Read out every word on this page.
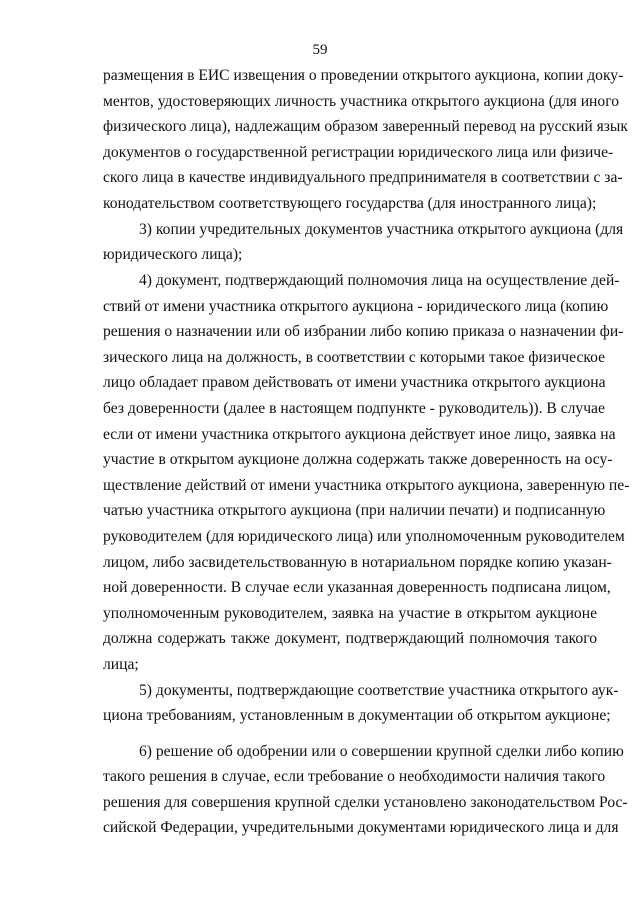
59
размещения в ЕИС извещения о проведении открытого аукциона, копии доку-
ментов, удостоверяющих личность участника открытого аукциона (для иного
физического лица), надлежащим образом заверенный перевод на русский язык
документов о государственной регистрации юридического лица или физиче-
ского лица в качестве индивидуального предпринимателя в соответствии с за-
конодательством соответствующего государства (для иностранного лица);
3) копии учредительных документов участника открытого аукциона (для
юридического лица);
4) документ, подтверждающий полномочия лица на осуществление дей-
ствий от имени участника открытого аукциона - юридического лица (копию
решения о назначении или об избрании либо копию приказа о назначении фи-
зического лица на должность, в соответствии с которыми такое физическое
лицо обладает правом действовать от имени участника открытого аукциона
без доверенности (далее в настоящем подпункте - руководитель)). В случае
если от имени участника открытого аукциона действует иное лицо, заявка на
участие в открытом аукционе должна содержать также доверенность на осу-
ществление действий от имени участника открытого аукциона, заверенную пе-
чатью участника открытого аукциона (при наличии печати) и подписанную
руководителем (для юридического лица) или уполномоченным руководителем
лицом, либо засвидетельствованную в нотариальном порядке копию указан-
ной доверенности. В случае если указанная доверенность подписана лицом,
уполномоченным руководителем, заявка на участие в открытом аукционе
должна содержать также документ, подтверждающий полномочия такого
лица;
5) документы, подтверждающие соответствие участника открытого аук-
циона требованиям, установленным в документации об открытом аукционе;
6) решение об одобрении или о совершении крупной сделки либо копию
такого решения в случае, если требование о необходимости наличия такого
решения для совершения крупной сделки установлено законодательством Рос-
сийской Федерации, учредительными документами юридического лица и для
